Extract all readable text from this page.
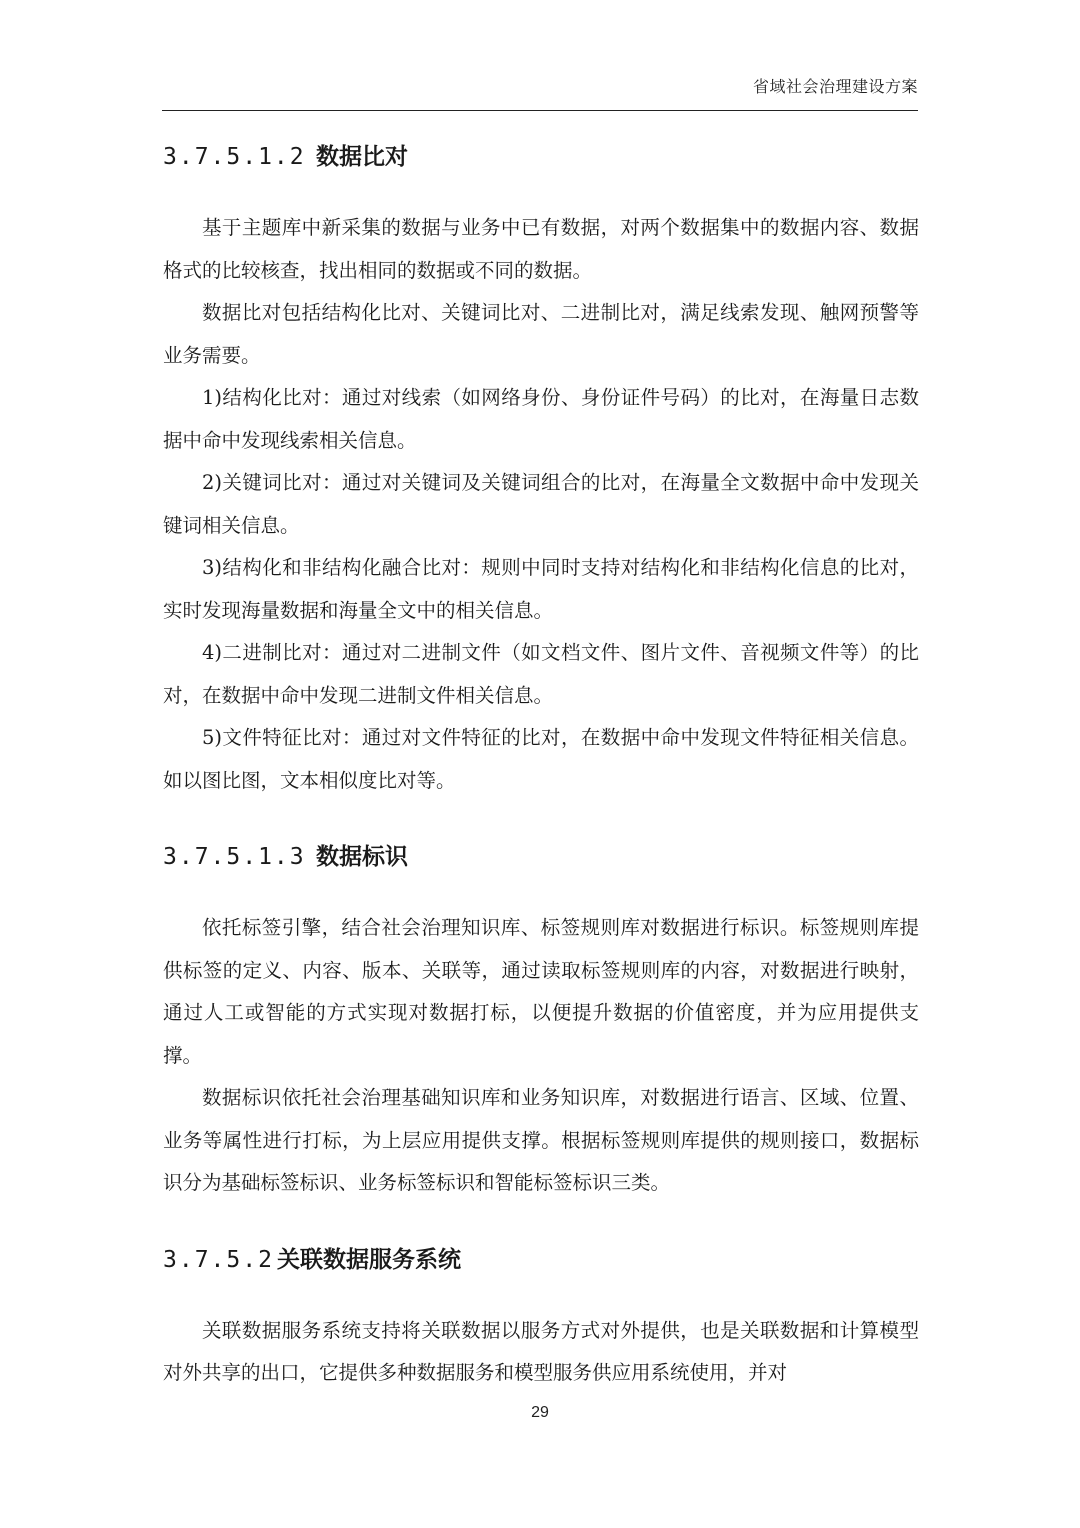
省域社会治理建设方案
3.7.5.1.2 数据比对

基于主题库中新采集的数据与业务中已有数据，对两个数据集中的数据内容、数据格式的比较核查，找出相同的数据或不同的数据。

数据比对包括结构化比对、关键词比对、二进制比对，满足线索发现、触网预警等业务需要。

1)结构化比对：通过对线索（如网络身份、身份证件号码）的比对，在海量日志数据中命中发现线索相关信息。

2)关键词比对：通过对关键词及关键词组合的比对，在海量全文数据中命中发现关键词相关信息。

3)结构化和非结构化融合比对：规则中同时支持对结构化和非结构化信息的比对，实时发现海量数据和海量全文中的相关信息。

4)二进制比对：通过对二进制文件（如文档文件、图片文件、音视频文件等）的比对，在数据中命中发现二进制文件相关信息。

5)文件特征比对：通过对文件特征的比对，在数据中命中发现文件特征相关信息。如以图比图，文本相似度比对等。

3.7.5.1.3 数据标识

依托标签引擎，结合社会治理知识库、标签规则库对数据进行标识。标签规则库提供标签的定义、内容、版本、关联等，通过读取标签规则库的内容，对数据进行映射，通过人工或智能的方式实现对数据打标，以便提升数据的价值密度，并为应用提供支撑。

数据标识依托社会治理基础知识库和业务知识库，对数据进行语言、区域、位置、业务等属性进行打标，为上层应用提供支撑。根据标签规则库提供的规则接口，数据标识分为基础标签标识、业务标签标识和智能标签标识三类。

3.7.5.2 关联数据服务系统

关联数据服务系统支持将关联数据以服务方式对外提供，也是关联数据和计算模型对外共享的出口，它提供多种数据服务和模型服务供应用系统使用，并对

29
